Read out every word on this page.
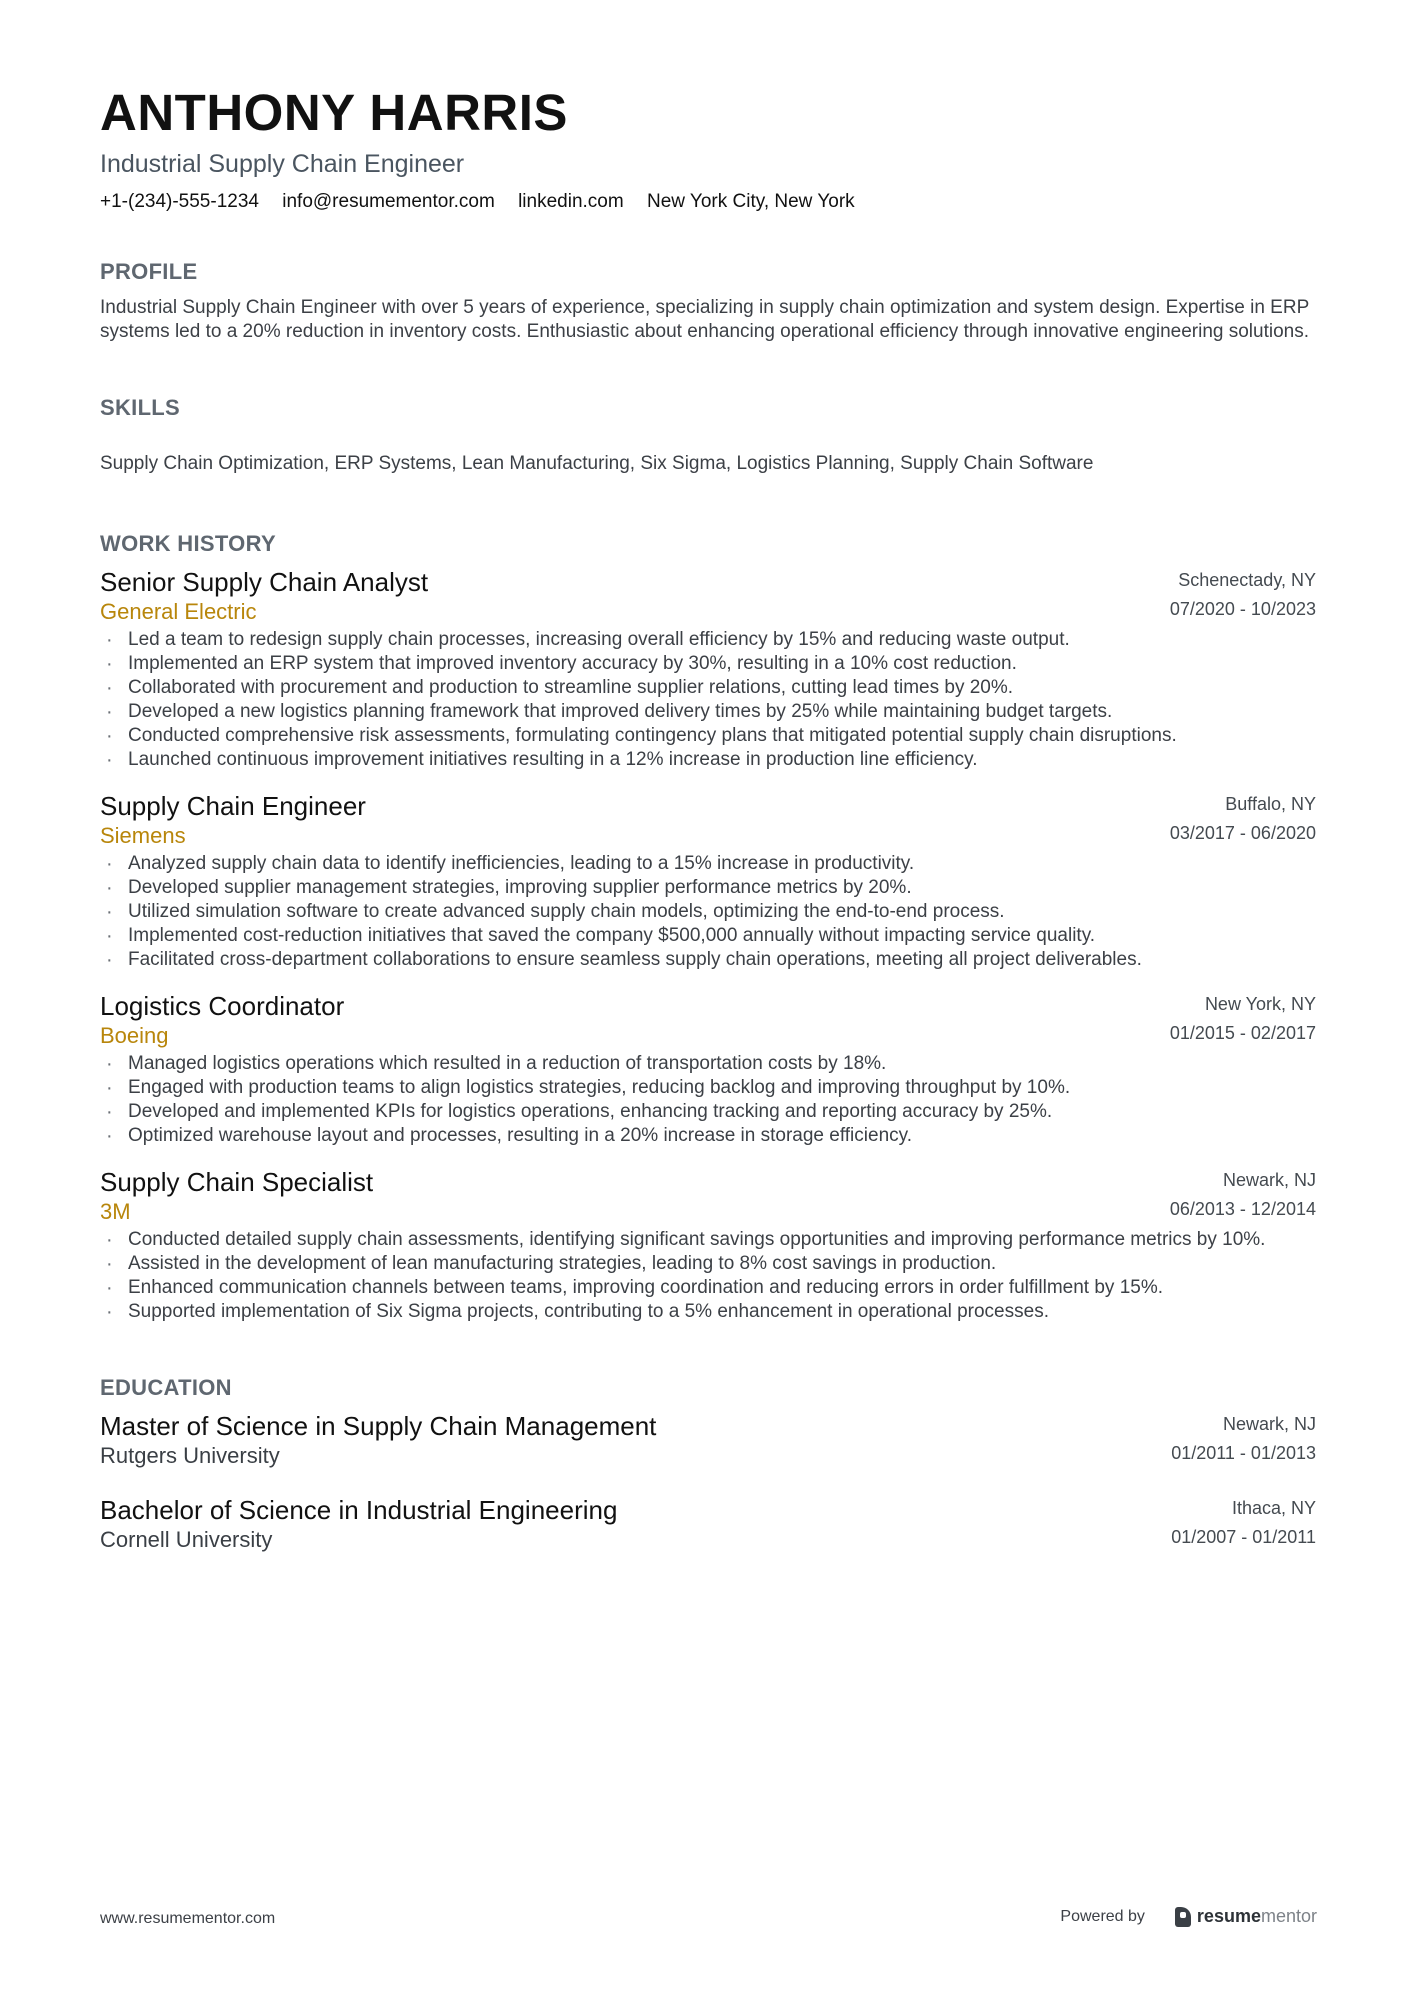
ANTHONY HARRIS
Industrial Supply Chain Engineer
+1-(234)-555-1234 info@resumementor.com linkedin.com New York City, New York
PROFILE
Industrial Supply Chain Engineer with over 5 years of experience, specializing in supply chain optimization and system design. Expertise in ERP systems led to a 20% reduction in inventory costs. Enthusiastic about enhancing operational efficiency through innovative engineering solutions.
SKILLS
Supply Chain Optimization, ERP Systems, Lean Manufacturing, Six Sigma, Logistics Planning, Supply Chain Software
WORK HISTORY
Senior Supply Chain Analyst
General Electric
Schenectady, NY
07/2020 - 10/2023
· Led a team to redesign supply chain processes, increasing overall efficiency by 15% and reducing waste output.
· Implemented an ERP system that improved inventory accuracy by 30%, resulting in a 10% cost reduction.
· Collaborated with procurement and production to streamline supplier relations, cutting lead times by 20%.
· Developed a new logistics planning framework that improved delivery times by 25% while maintaining budget targets.
· Conducted comprehensive risk assessments, formulating contingency plans that mitigated potential supply chain disruptions.
· Launched continuous improvement initiatives resulting in a 12% increase in production line efficiency.
Supply Chain Engineer
Siemens
Buffalo, NY
03/2017 - 06/2020
· Analyzed supply chain data to identify inefficiencies, leading to a 15% increase in productivity.
· Developed supplier management strategies, improving supplier performance metrics by 20%.
· Utilized simulation software to create advanced supply chain models, optimizing the end-to-end process.
· Implemented cost-reduction initiatives that saved the company $500,000 annually without impacting service quality.
· Facilitated cross-department collaborations to ensure seamless supply chain operations, meeting all project deliverables.
Logistics Coordinator
Boeing
New York, NY
01/2015 - 02/2017
· Managed logistics operations which resulted in a reduction of transportation costs by 18%.
· Engaged with production teams to align logistics strategies, reducing backlog and improving throughput by 10%.
· Developed and implemented KPIs for logistics operations, enhancing tracking and reporting accuracy by 25%.
· Optimized warehouse layout and processes, resulting in a 20% increase in storage efficiency.
Supply Chain Specialist
3M
Newark, NJ
06/2013 - 12/2014
· Conducted detailed supply chain assessments, identifying significant savings opportunities and improving performance metrics by 10%.
· Assisted in the development of lean manufacturing strategies, leading to 8% cost savings in production.
· Enhanced communication channels between teams, improving coordination and reducing errors in order fulfillment by 15%.
· Supported implementation of Six Sigma projects, contributing to a 5% enhancement in operational processes.
EDUCATION
Master of Science in Supply Chain Management
Rutgers University
Newark, NJ
01/2011 - 01/2013
Bachelor of Science in Industrial Engineering
Cornell University
Ithaca, NY
01/2007 - 01/2011
www.resumementor.com	Powered by	resume mentor
